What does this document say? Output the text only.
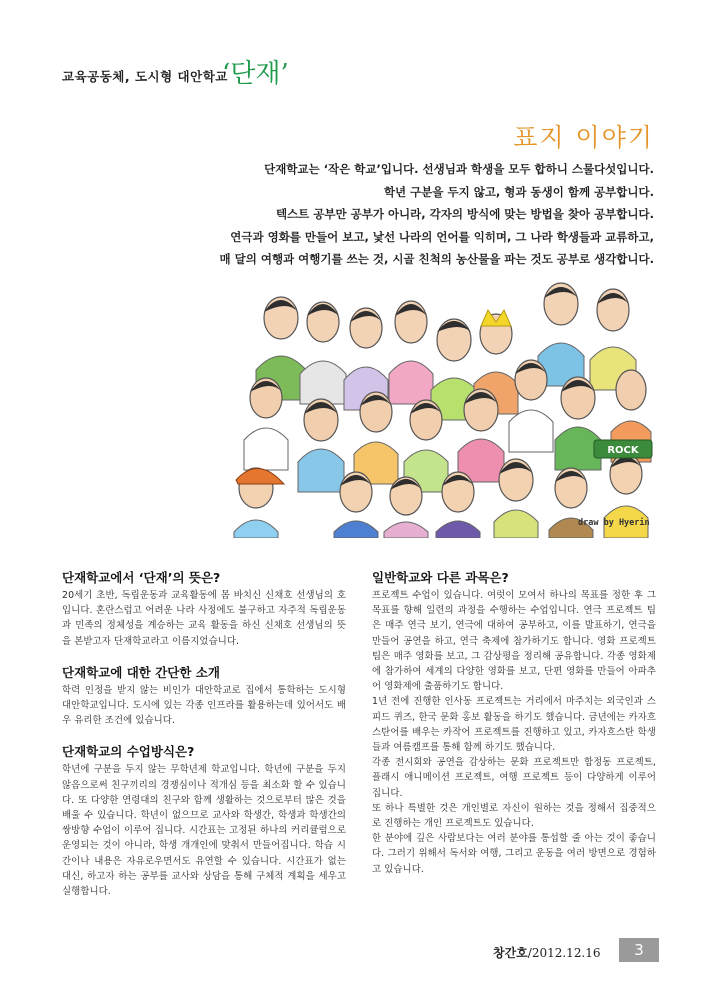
교육공동체, 도시형 대안학교
‘단재’
표지 이야기
단재학교는 ‘작은 학교’입니다. 선생님과 학생을 모두 합하니 스물다섯입니다.
학년 구분을 두지 않고, 형과 동생이 함께 공부합니다.
텍스트 공부만 공부가 아니라, 각자의 방식에 맞는 방법을 찾아 공부합니다.
연극과 영화를 만들어 보고, 낯선 나라의 언어를 익히며, 그 나라 학생들과 교류하고,
매 달의 여행과 여행기를 쓰는 것, 시골 친척의 농산물을 파는 것도 공부로 생각합니다.
ROCK
draw by Hyerin
단재학교에서 ‘단재’의 뜻은?
20세기 초반, 독립운동과 교육활동에 몸 바치신 신채호 선생님의 호입니다. 혼란스럽고 어려운 나라 사정에도 불구하고 자주적 독립운동과 민족의 정체성을 계승하는 교육 활동을 하신 신채호 선생님의 뜻을 본받고자 단재학교라고 이름지었습니다.
단재학교에 대한 간단한 소개
학력 인정을 받지 않는 비인가 대안학교로 집에서 통학하는 도시형 대안학교입니다. 도시에 있는 각종 인프라를 활용하는데 있어서도 배우 유리한 조건에 있습니다.
단재학교의 수업방식은?
학년에 구분을 두지 않는 무학년제 학교입니다. 학년에 구분을 두지 않음으로써 친구끼리의 경쟁심이나 적개심 등을 최소화 할 수 있습니다. 또 다양한 연령대의 친구와 함께 생활하는 것으로부터 많은 것을 배울 수 있습니다. 학년이 없으므로 교사와 학생간, 학생과 학생간의 쌍방향 수업이 이루어 집니다. 시간표는 고정된 하나의 커리큘럼으로 운영되는 것이 아니라, 학생 개개인에 맞춰서 만들어집니다. 학습 시간이나 내용은 자유로우면서도 유연할 수 있습니다. 시간표가 없는 대신, 하고자 하는 공부를 교사와 상담을 통해 구체적 계획을 세우고 실행합니다.
일반학교와 다른 과목은?
프로젝트 수업이 있습니다. 여럿이 모여서 하나의 목표를 정한 후 그 목표를 향해 일련의 과정을 수행하는 수업입니다. 연극 프로젝트 팀은 매주 연극 보기, 연극에 대하여 공부하고, 이를 발표하기, 연극을 만들어 공연을 하고, 연극 축제에 참가하기도 합니다. 영화 프로젝트 팀은 매주 영화를 보고, 그 감상평을 정리해 공유합니다. 각종 영화제에 참가하여 세계의 다양한 영화를 보고, 단편 영화를 만들어 아파추어 영화제에 출품하기도 합니다.
1년 전에 진행한 인사동 프로젝트는 거리에서 마주치는 외국인과 스피드 퀴즈, 한국 문화 홍보 활동을 하기도 했습니다. 금년에는 카자흐스탄어를 배우는 카작어 프로젝트를 진행하고 있고, 카자흐스탄 학생들과 여름캠프를 통해 함께 하기도 했습니다.
각종 전시회와 공연을 감상하는 문화 프로젝트만 합정동 프로젝트, 플래시 애니메이션 프로젝트, 여행 프로젝트 등이 다양하게 이루어 집니다.
또 하나 특별한 것은 개인별로 자신이 원하는 것을 정해서 집중적으로 진행하는 개인 프로젝트도 있습니다.
한 분야에 깊은 사람보다는 여러 분야를 통섭할 줄 아는 것이 좋습니다. 그러기 위해서 독서와 여행, 그리고 운동을 여러 방면으로 경험하고 있습니다.
창간호/2012.12.16	3
